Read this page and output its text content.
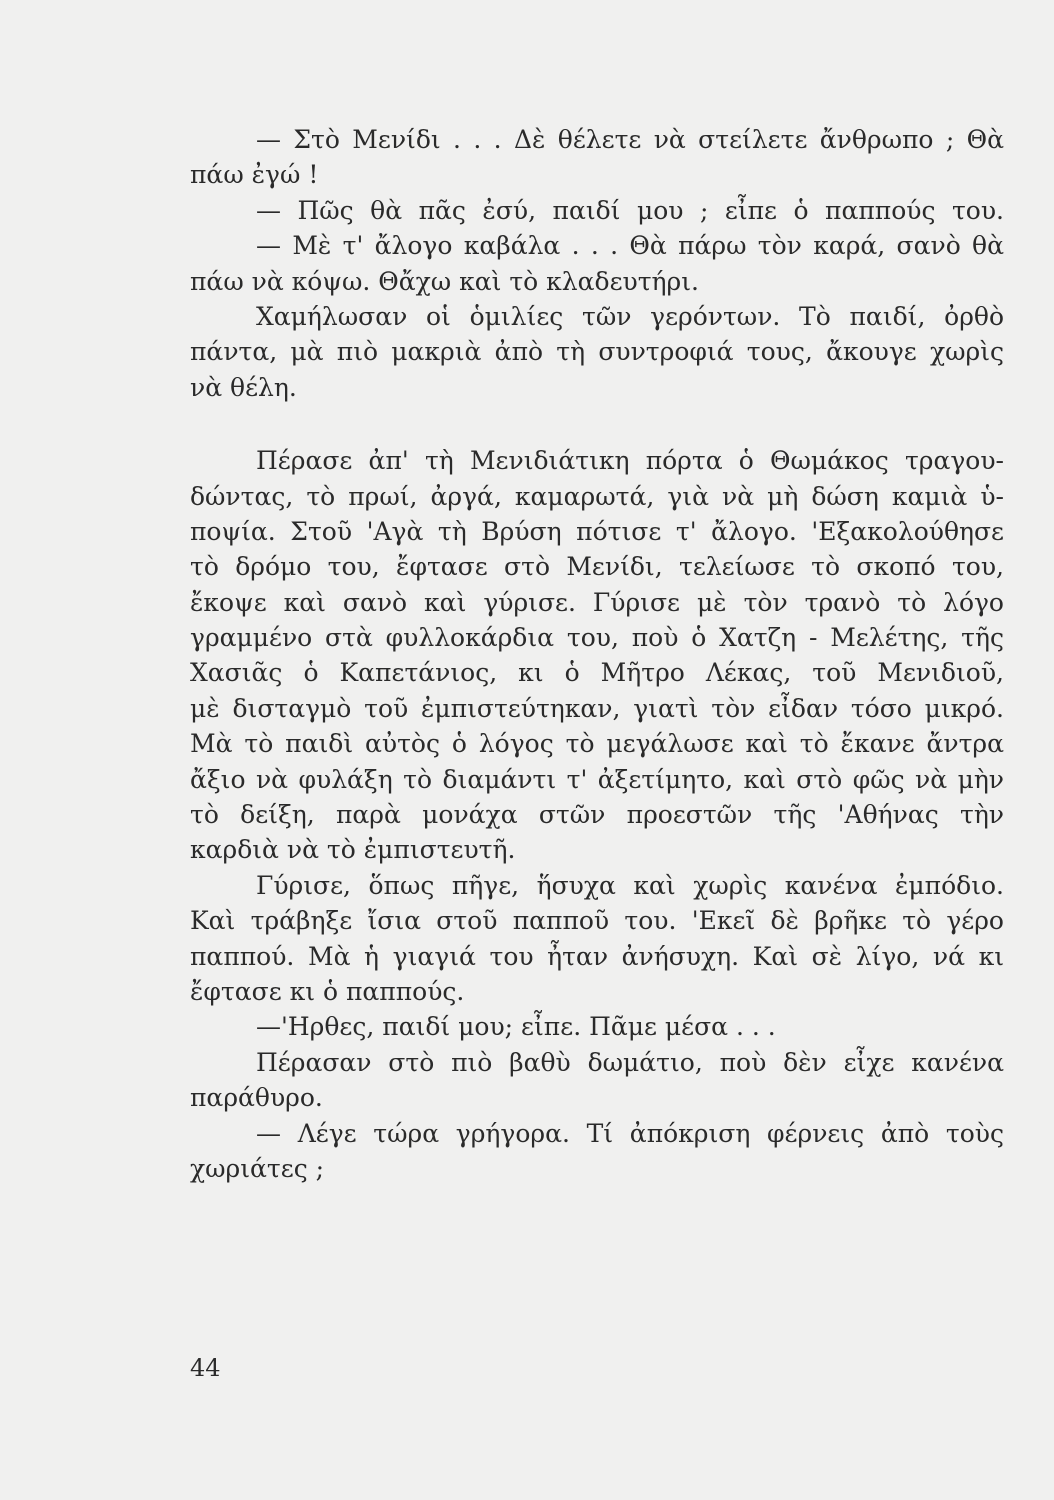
— Στὸ Μενίδι . . . Δὲ θέλετε νὰ στείλετε ἄνθρωπο ; Θὰ
πάω ἐγώ !
— Πῶς θὰ πᾶς ἐσύ, παιδί μου ; εἶπε ὁ παππούς του.
— Μὲ τ' ἄλογο καβάλα . . . Θὰ πάρω τὸν καρά, σανὸ θὰ
πάω νὰ κόψω. Θἄχω καὶ τὸ κλαδευτήρι.
Χαμήλωσαν οἱ ὁμιλίες τῶν γερόντων. Τὸ παιδί, ὀρθὸ
πάντα, μὰ πιὸ μακριὰ ἀπὸ τὴ συντροφιά τους, ἄκουγε χωρὶς
νὰ θέλη.
Πέρασε ἀπ' τὴ Μενιδιάτικη πόρτα ὁ Θωμάκος τραγου-
δώντας, τὸ πρωί, ἀργά, καμαρωτά, γιὰ νὰ μὴ δώση καμιὰ ὑ-
ποψία. Στοῦ 'Αγὰ τὴ Βρύση πότισε τ' ἄλογο. 'Εξακολούθησε
τὸ δρόμο του, ἔφτασε στὸ Μενίδι, τελείωσε τὸ σκοπό του,
ἔκοψε καὶ σανὸ καὶ γύρισε. Γύρισε μὲ τὸν τρανὸ τὸ λόγο
γραμμένο στὰ φυλλοκάρδια του, ποὺ ὁ Χατζη - Μελέτης, τῆς
Χασιᾶς ὁ Καπετάνιος, κι ὁ Μῆτρο Λέκας, τοῦ Μενιδιοῦ,
μὲ δισταγμὸ τοῦ ἐμπιστεύτηκαν, γιατὶ τὸν εἶδαν τόσο μικρό.
Μὰ τὸ παιδὶ αὐτὸς ὁ λόγος τὸ μεγάλωσε καὶ τὸ ἔκανε ἄντρα
ἄξιο νὰ φυλάξη τὸ διαμάντι τ' ἀξετίμητο, καὶ στὸ φῶς νὰ μὴν
τὸ δείξη, παρὰ μονάχα στῶν προεστῶν τῆς 'Αθήνας τὴν
καρδιὰ νὰ τὸ ἐμπιστευτῆ.
Γύρισε, ὅπως πῆγε, ἥσυχα καὶ χωρὶς κανένα ἐμπόδιο.
Καὶ τράβηξε ἴσια στοῦ παπποῦ του. 'Εκεῖ δὲ βρῆκε τὸ γέρο
παππού. Μὰ ἡ γιαγιά του ἦταν ἀνήσυχη. Καὶ σὲ λίγο, νά κι
ἔφτασε κι ὁ παππούς.
—'Ηρθες, παιδί μου; εἶπε. Πᾶμε μέσα . . .
Πέρασαν στὸ πιὸ βαθὺ δωμάτιο, ποὺ δὲν εἶχε κανένα
παράθυρο.
— Λέγε τώρα γρήγορα. Τί ἀπόκριση φέρνεις ἀπὸ τοὺς
χωριάτες ;
44
